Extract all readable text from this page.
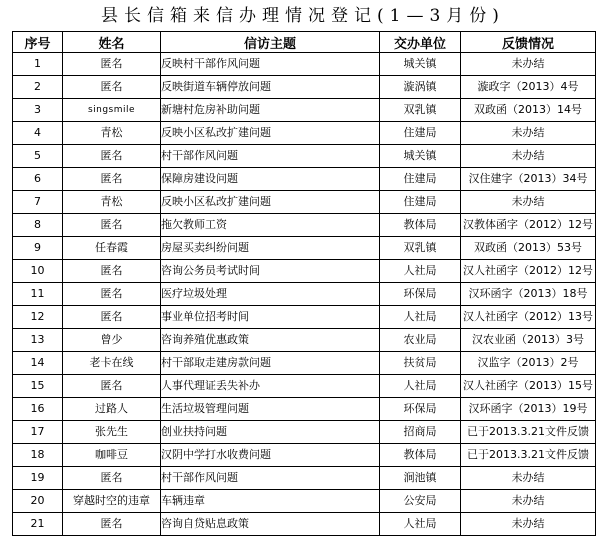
县长信箱来信办理情况登记(1—3月份)
序号	姓名	信访主题	交办单位	反馈情况
1	匿名	反映村干部作风问题	城关镇	未办结
2	匿名	反映街道车辆停放问题	漩涡镇	漩政字（2013）4号
3	singsmile	新塘村危房补助问题	双乳镇	双政函（2013）14号
4	青松	反映小区私改扩建问题	住建局	未办结
5	匿名	村干部作风问题	城关镇	未办结
6	匿名	保障房建设问题	住建局	汉住建字（2013）34号
7	青松	反映小区私改扩建问题	住建局	未办结
8	匿名	拖欠教师工资	教体局	汉教体函字（2012）12号
9	任春霞	房屋买卖纠纷问题	双乳镇	双政函（2013）53号
10	匿名	咨询公务员考试时间	人社局	汉人社函字（2012）12号
11	匿名	医疗垃圾处理	环保局	汉环函字（2013）18号
12	匿名	事业单位招考时间	人社局	汉人社函字（2012）13号
13	曾少	咨询养殖优惠政策	农业局	汉农业函（2013）3号
14	老卡在线	村干部取走建房款问题	扶贫局	汉监字（2013）2号
15	匿名	人事代理证丢失补办	人社局	汉人社函字（2013）15号
16	过路人	生活垃圾管理问题	环保局	汉环函字（2013）19号
17	张先生	创业扶持问题	招商局	已于2013.3.21文件反馈
18	咖啡豆	汉阴中学打水收费问题	教体局	已于2013.3.21文件反馈
19	匿名	村干部作风问题	涧池镇	未办结
20	穿越时空的违章	车辆违章	公安局	未办结
21	匿名	咨询自贷贴息政策	人社局	未办结
